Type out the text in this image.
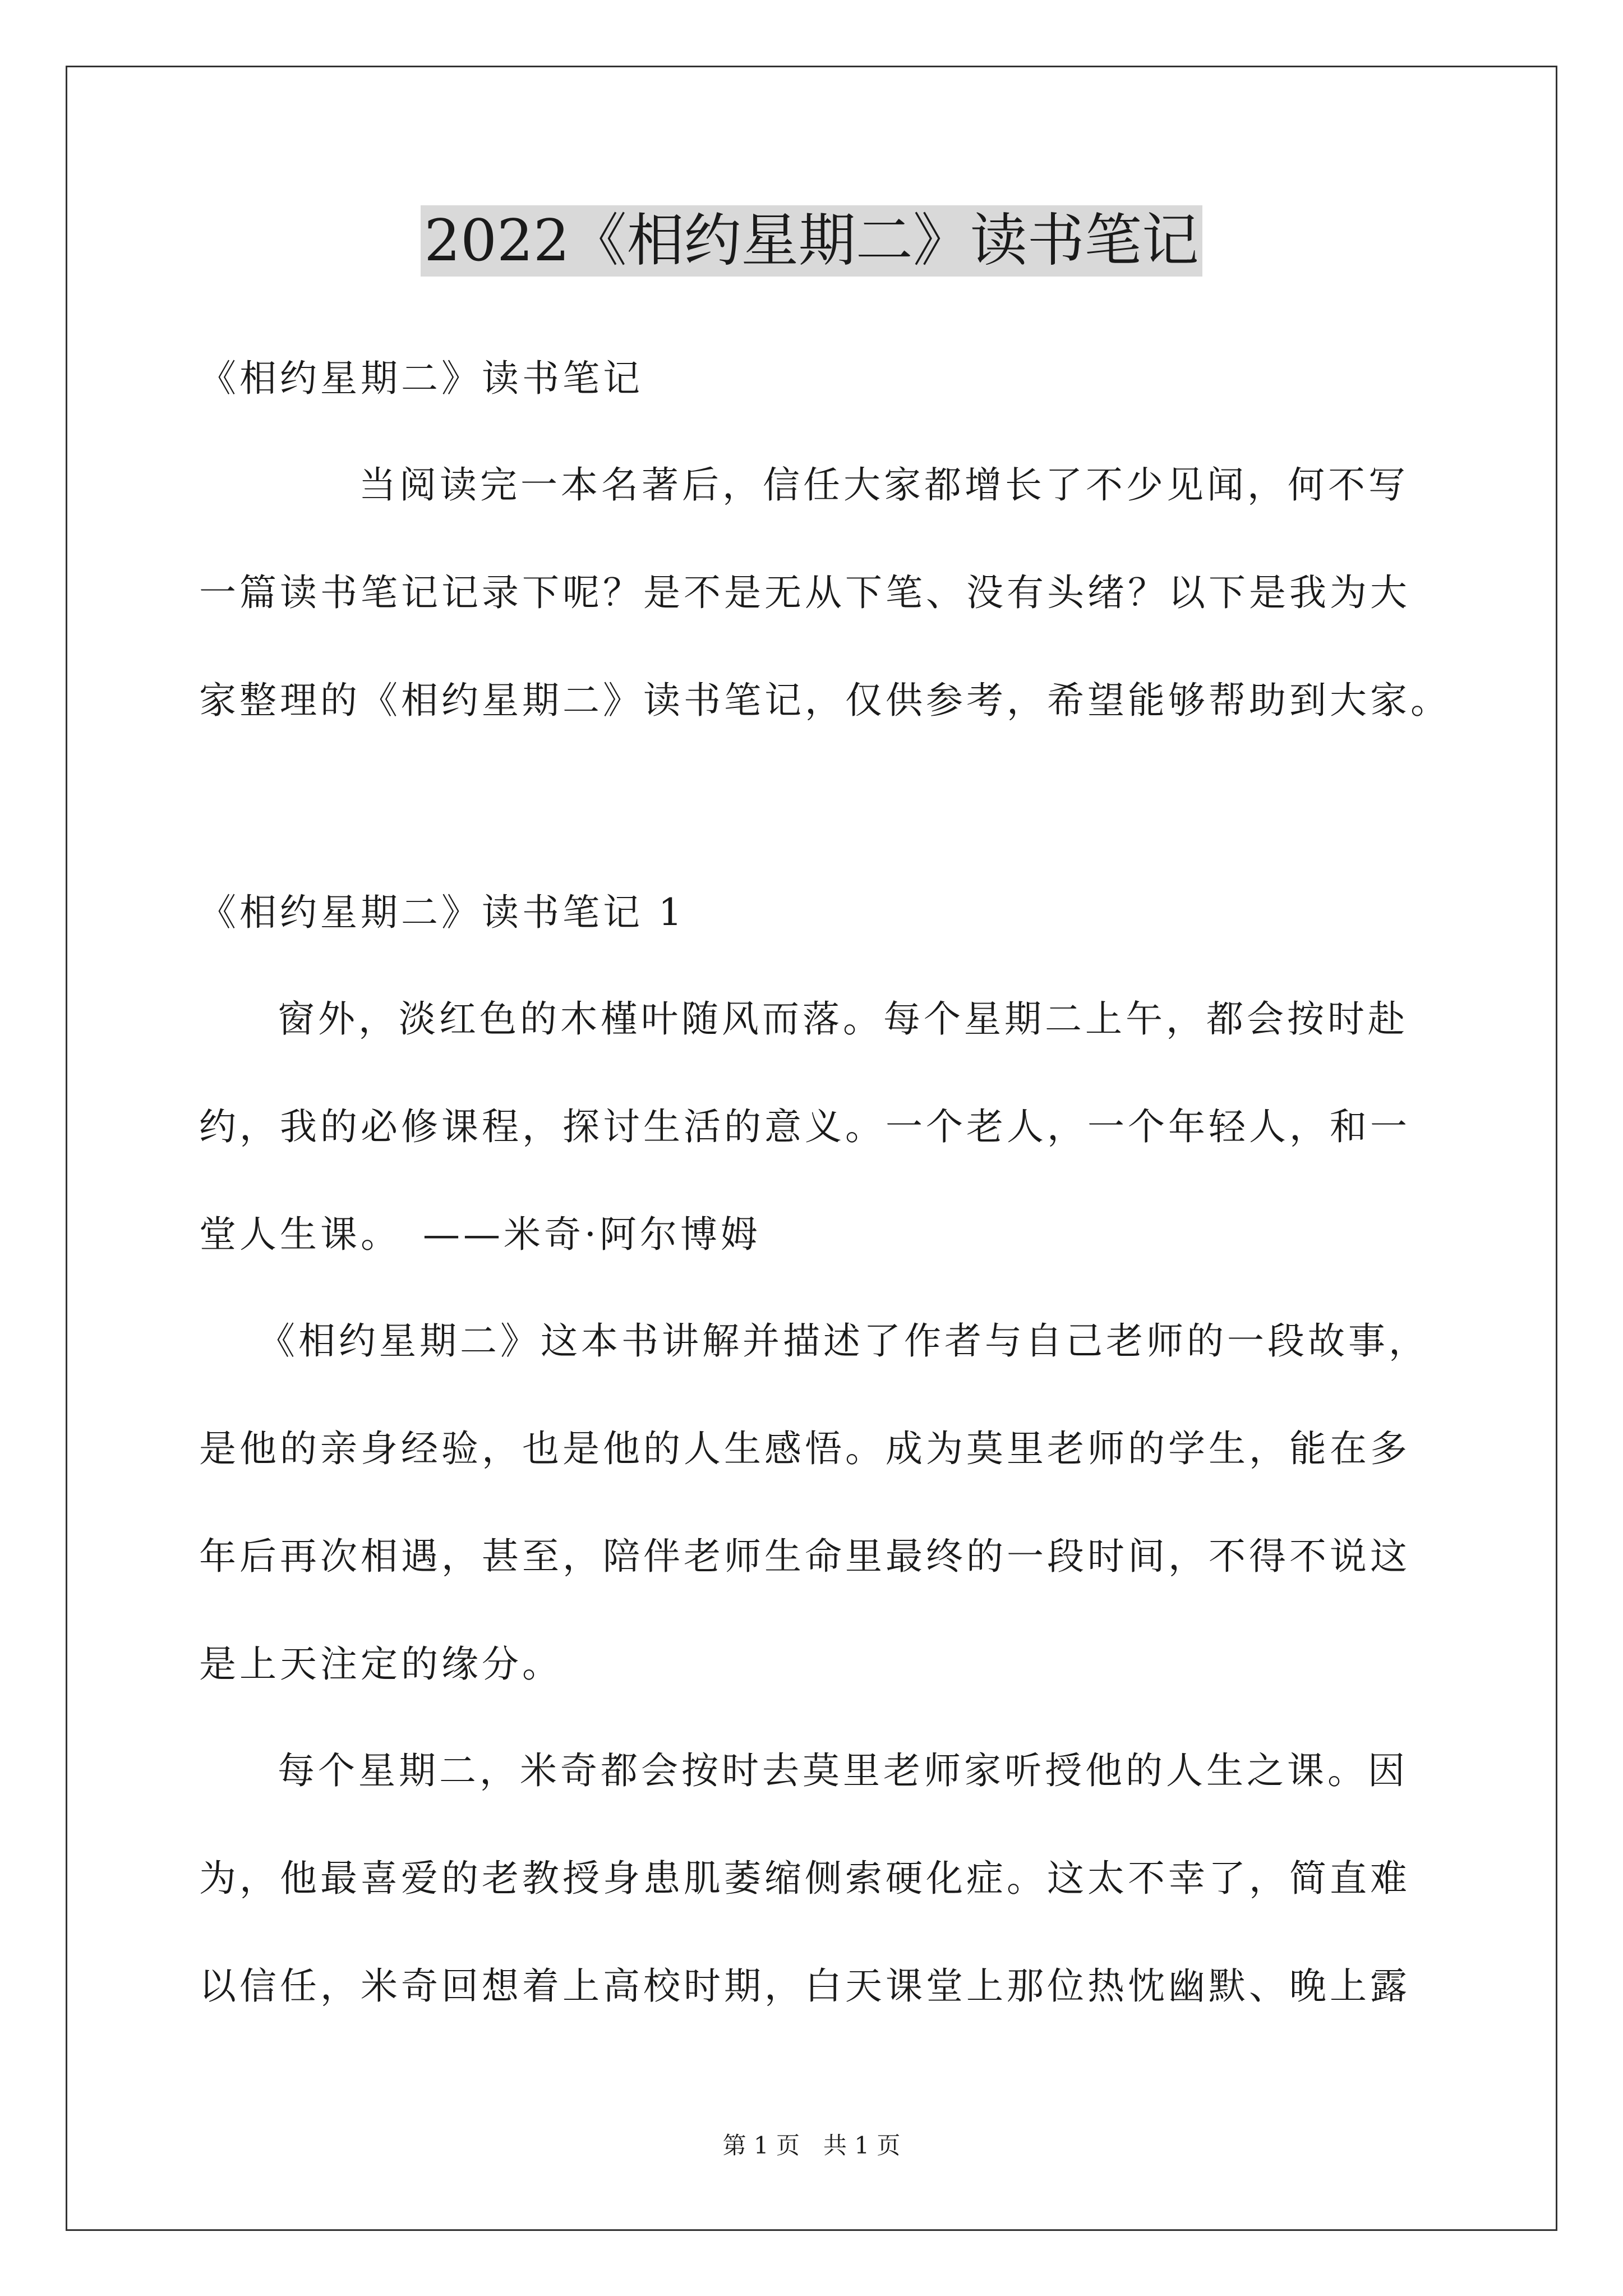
2022《相约星期二》读书笔记
《相约星期二》读书笔记
当阅读完一本名著后，信任大家都增长了不少见闻，何不写
一篇读书笔记记录下呢？是不是无从下笔、没有头绪？以下是我为大
家整理的《相约星期二》读书笔记，仅供参考，希望能够帮助到大家。
《相约星期二》读书笔记 1
窗外，淡红色的木槿叶随风而落。每个星期二上午，都会按时赴
约，我的必修课程，探讨生活的意义。一个老人，一个年轻人，和一
堂人生课。　——米奇·阿尔博姆
《相约星期二》这本书讲解并描述了作者与自己老师的一段故事，
是他的亲身经验，也是他的人生感悟。成为莫里老师的学生，能在多
年后再次相遇，甚至，陪伴老师生命里最终的一段时间，不得不说这
是上天注定的缘分。
每个星期二，米奇都会按时去莫里老师家听授他的人生之课。因
为，他最喜爱的老教授身患肌萎缩侧索硬化症。这太不幸了，简直难
以信任，米奇回想着上高校时期，白天课堂上那位热忱幽默、晚上露
第 1 页　共 1 页
